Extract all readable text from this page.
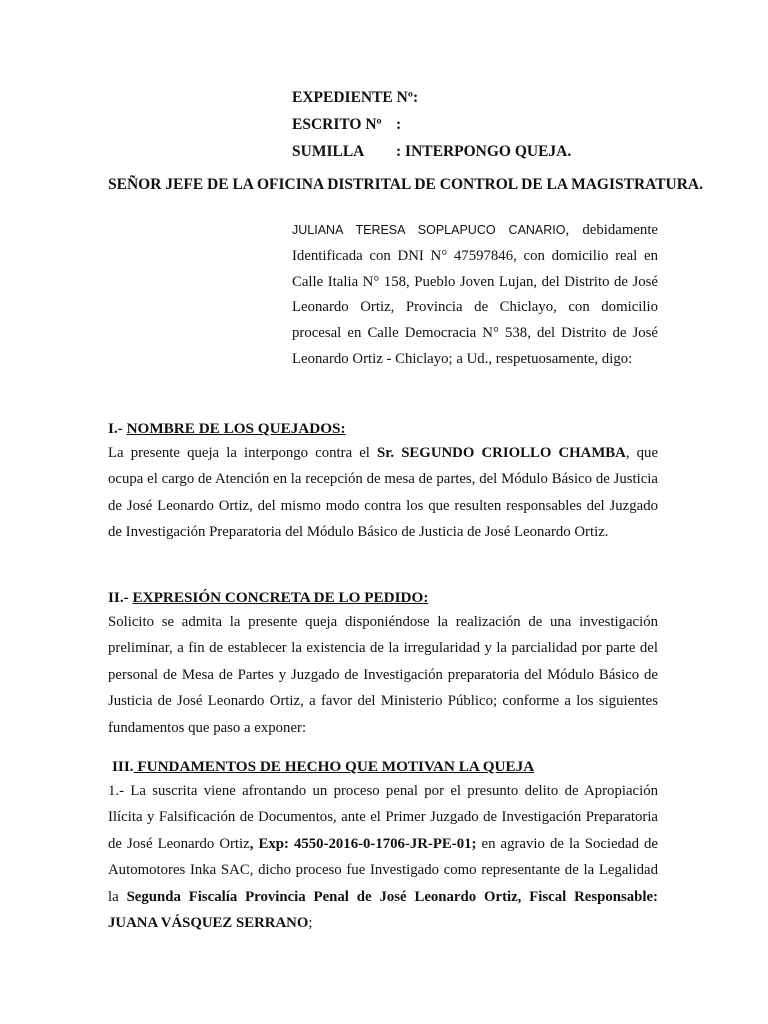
EXPEDIENTE Nº:
ESCRITO Nº :
SUMILLA : INTERPONGO QUEJA.
SEÑOR JEFE DE LA OFICINA DISTRITAL DE CONTROL DE LA MAGISTRATURA.
JULIANA TERESA SOPLAPUCO CANARIO, debidamente Identificada con DNI N° 47597846, con domicilio real en Calle Italia N° 158, Pueblo Joven Lujan, del Distrito de José Leonardo Ortiz, Provincia de Chiclayo, con domicilio procesal en Calle Democracia N° 538, del Distrito de José Leonardo Ortiz - Chiclayo; a Ud., respetuosamente, digo:
I.- NOMBRE DE LOS QUEJADOS:
La presente queja la interpongo contra el Sr. SEGUNDO CRIOLLO CHAMBA, que ocupa el cargo de Atención en la recepción de mesa de partes, del Módulo Básico de Justicia de José Leonardo Ortiz, del mismo modo contra los que resulten responsables del Juzgado de Investigación Preparatoria del Módulo Básico de Justicia de José Leonardo Ortiz.
II.- EXPRESIÓN CONCRETA DE LO PEDIDO:
Solicito se admita la presente queja disponiéndose la realización de una investigación preliminar, a fin de establecer la existencia de la irregularidad y la parcialidad por parte del personal de Mesa de Partes y Juzgado de Investigación preparatoria del Módulo Básico de Justicia de José Leonardo Ortiz, a favor del Ministerio Público; conforme a los siguientes fundamentos que paso a exponer:
III. FUNDAMENTOS DE HECHO QUE MOTIVAN LA QUEJA
1.- La suscrita viene afrontando un proceso penal por el presunto delito de Apropiación Ilícita y Falsificación de Documentos, ante el Primer Juzgado de Investigación Preparatoria de José Leonardo Ortiz, Exp: 4550-2016-0-1706-JR-PE-01; en agravio de la Sociedad de Automotores Inka SAC, dicho proceso fue Investigado como representante de la Legalidad la Segunda Fiscalía Provincia Penal de José Leonardo Ortiz, Fiscal Responsable: JUANA VÁSQUEZ SERRANO;
